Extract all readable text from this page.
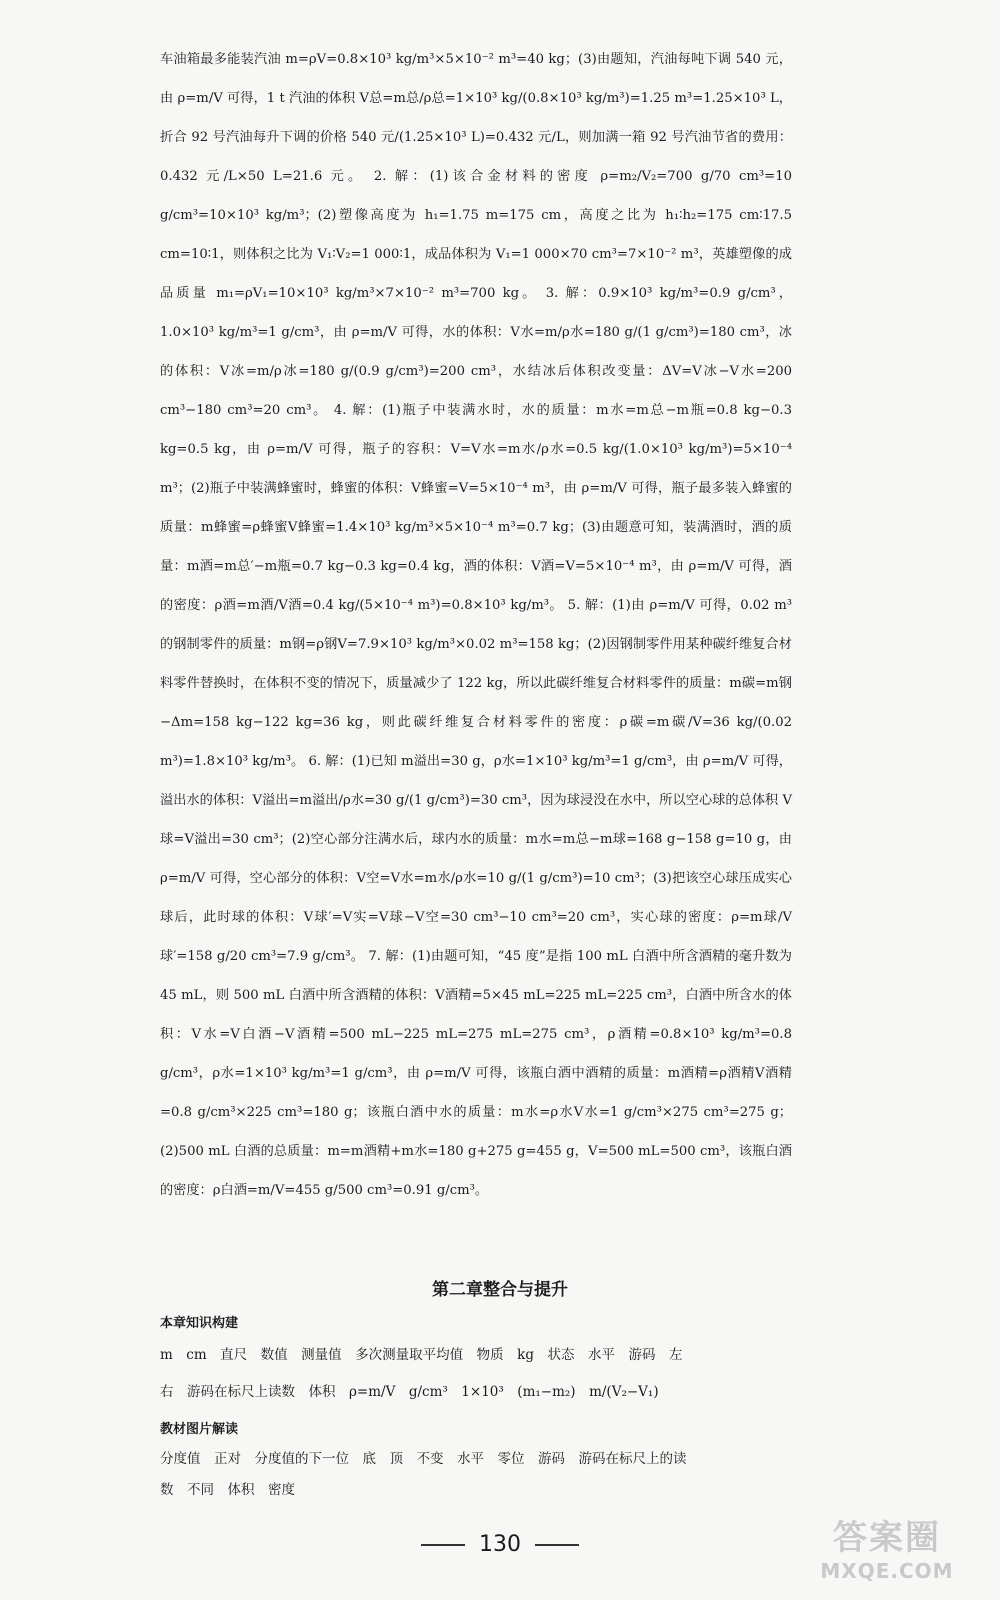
车油箱最多能装汽油 m=ρV=0.8×10³ kg/m³×5×10⁻² m³=40 kg；(3)由题知，汽油每吨下调 540 元，由 ρ=m/V 可得，1 t 汽油的体积 V总=m总/ρ总=1×10³ kg/(0.8×10³ kg/m³)=1.25 m³=1.25×10³ L，折合 92 号汽油每升下调的价格 540 元/(1.25×10³ L)=0.432 元/L，则加满一箱 92 号汽油节省的费用：0.432 元/L×50 L=21.6 元。 2. 解：(1)该合金材料的密度 ρ=m₂/V₂=700 g/70 cm³=10 g/cm³=10×10³ kg/m³；(2)塑像高度为 h₁=1.75 m=175 cm，高度之比为 h₁∶h₂=175 cm∶17.5 cm=10∶1，则体积之比为 V₁∶V₂=1 000∶1，成品体积为 V₁=1 000×70 cm³=7×10⁻² m³，英雄塑像的成品质量 m₁=ρV₁=10×10³ kg/m³×7×10⁻² m³=700 kg。 3. 解：0.9×10³ kg/m³=0.9 g/cm³，1.0×10³ kg/m³=1 g/cm³，由 ρ=m/V 可得，水的体积：V水=m/ρ水=180 g/(1 g/cm³)=180 cm³，冰的体积：V冰=m/ρ冰=180 g/(0.9 g/cm³)=200 cm³，水结冰后体积改变量：ΔV=V冰−V水=200 cm³−180 cm³=20 cm³。 4. 解：(1)瓶子中装满水时，水的质量：m水=m总−m瓶=0.8 kg−0.3 kg=0.5 kg，由 ρ=m/V 可得，瓶子的容积：V=V水=m水/ρ水=0.5 kg/(1.0×10³ kg/m³)=5×10⁻⁴ m³；(2)瓶子中装满蜂蜜时，蜂蜜的体积：V蜂蜜=V=5×10⁻⁴ m³，由 ρ=m/V 可得，瓶子最多装入蜂蜜的质量：m蜂蜜=ρ蜂蜜V蜂蜜=1.4×10³ kg/m³×5×10⁻⁴ m³=0.7 kg；(3)由题意可知，装满酒时，酒的质量：m酒=m总′−m瓶=0.7 kg−0.3 kg=0.4 kg，酒的体积：V酒=V=5×10⁻⁴ m³，由 ρ=m/V 可得，酒的密度：ρ酒=m酒/V酒=0.4 kg/(5×10⁻⁴ m³)=0.8×10³ kg/m³。 5. 解：(1)由 ρ=m/V 可得，0.02 m³ 的钢制零件的质量：m钢=ρ钢V=7.9×10³ kg/m³×0.02 m³=158 kg；(2)因钢制零件用某种碳纤维复合材料零件替换时，在体积不变的情况下，质量减少了 122 kg，所以此碳纤维复合材料零件的质量：m碳=m钢−Δm=158 kg−122 kg=36 kg，则此碳纤维复合材料零件的密度：ρ碳=m碳/V=36 kg/(0.02 m³)=1.8×10³ kg/m³。 6. 解：(1)已知 m溢出=30 g，ρ水=1×10³ kg/m³=1 g/cm³，由 ρ=m/V 可得，溢出水的体积：V溢出=m溢出/ρ水=30 g/(1 g/cm³)=30 cm³，因为球浸没在水中，所以空心球的总体积 V球=V溢出=30 cm³；(2)空心部分注满水后，球内水的质量：m水=m总−m球=168 g−158 g=10 g，由 ρ=m/V 可得，空心部分的体积：V空=V水=m水/ρ水=10 g/(1 g/cm³)=10 cm³；(3)把该空心球压成实心球后，此时球的体积：V球′=V实=V球−V空=30 cm³−10 cm³=20 cm³，实心球的密度：ρ=m球/V球′=158 g/20 cm³=7.9 g/cm³。 7. 解：(1)由题可知，“45 度”是指 100 mL 白酒中所含酒精的毫升数为 45 mL，则 500 mL 白酒中所含酒精的体积：V酒精=5×45 mL=225 mL=225 cm³，白酒中所含水的体积：V水=V白酒−V酒精=500 mL−225 mL=275 mL=275 cm³，ρ酒精=0.8×10³ kg/m³=0.8 g/cm³，ρ水=1×10³ kg/m³=1 g/cm³，由 ρ=m/V 可得，该瓶白酒中酒精的质量：m酒精=ρ酒精V酒精=0.8 g/cm³×225 cm³=180 g；该瓶白酒中水的质量：m水=ρ水V水=1 g/cm³×275 cm³=275 g；(2)500 mL 白酒的总质量：m=m酒精+m水=180 g+275 g=455 g，V=500 mL=500 cm³，该瓶白酒的密度：ρ白酒=m/V=455 g/500 cm³=0.91 g/cm³。

第二章整合与提升
本章知识构建
m　cm　直尺　数值　测量值　多次测量取平均值　物质　kg　状态　水平　游码　左
右　游码在标尺上读数　体积　ρ=m/V　g/cm³　1×10³　(m₁−m₂)　m/(V₂−V₁)
教材图片解读
分度值　正对　分度值的下一位　底　顶　不变　水平　零位　游码　游码在标尺上的读
数　不同　体积　密度
130	答案圈
MXQE.COM
